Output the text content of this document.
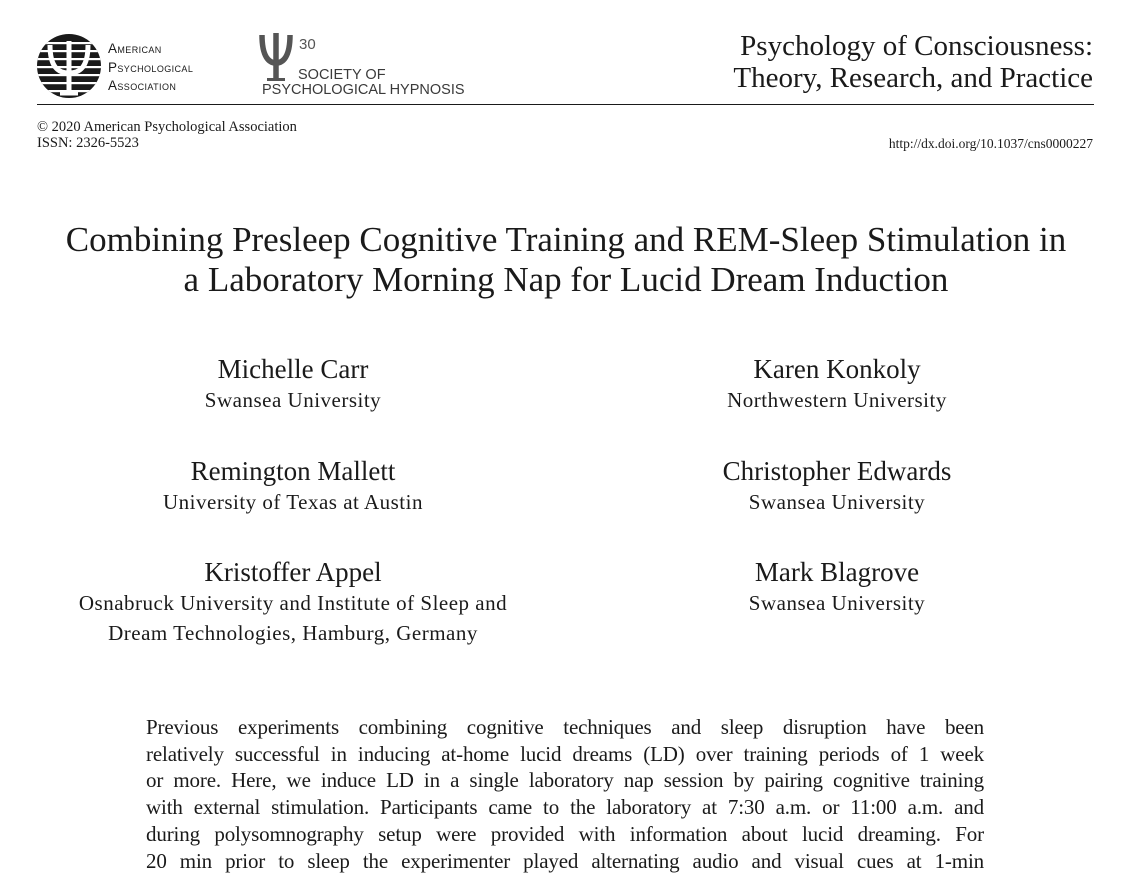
American
Psychological
Association
30
SOCIETY OF
PSYCHOLOGICAL HYPNOSIS
Psychology of Consciousness:
Theory, Research, and Practice
© 2020 American Psychological Association
ISSN: 2326-5523	http://dx.doi.org/10.1037/cns0000227
Combining Presleep Cognitive Training and REM-Sleep Stimulation in
a Laboratory Morning Nap for Lucid Dream Induction
Michelle Carr
Swansea University
Karen Konkoly
Northwestern University
Remington Mallett
University of Texas at Austin
Christopher Edwards
Swansea University
Kristoffer Appel
Osnabruck University and Institute of Sleep and
Dream Technologies, Hamburg, Germany
Mark Blagrove
Swansea University
Previous experiments combining cognitive techniques and sleep disruption have been
relatively successful in inducing at-home lucid dreams (LD) over training periods of 1 week
or more. Here, we induce LD in a single laboratory nap session by pairing cognitive training
with external stimulation. Participants came to the laboratory at 7:30 a.m. or 11:00 a.m. and
during polysomnography setup were provided with information about lucid dreaming. For
20 min prior to sleep the experimenter played alternating audio and visual cues at 1-min
